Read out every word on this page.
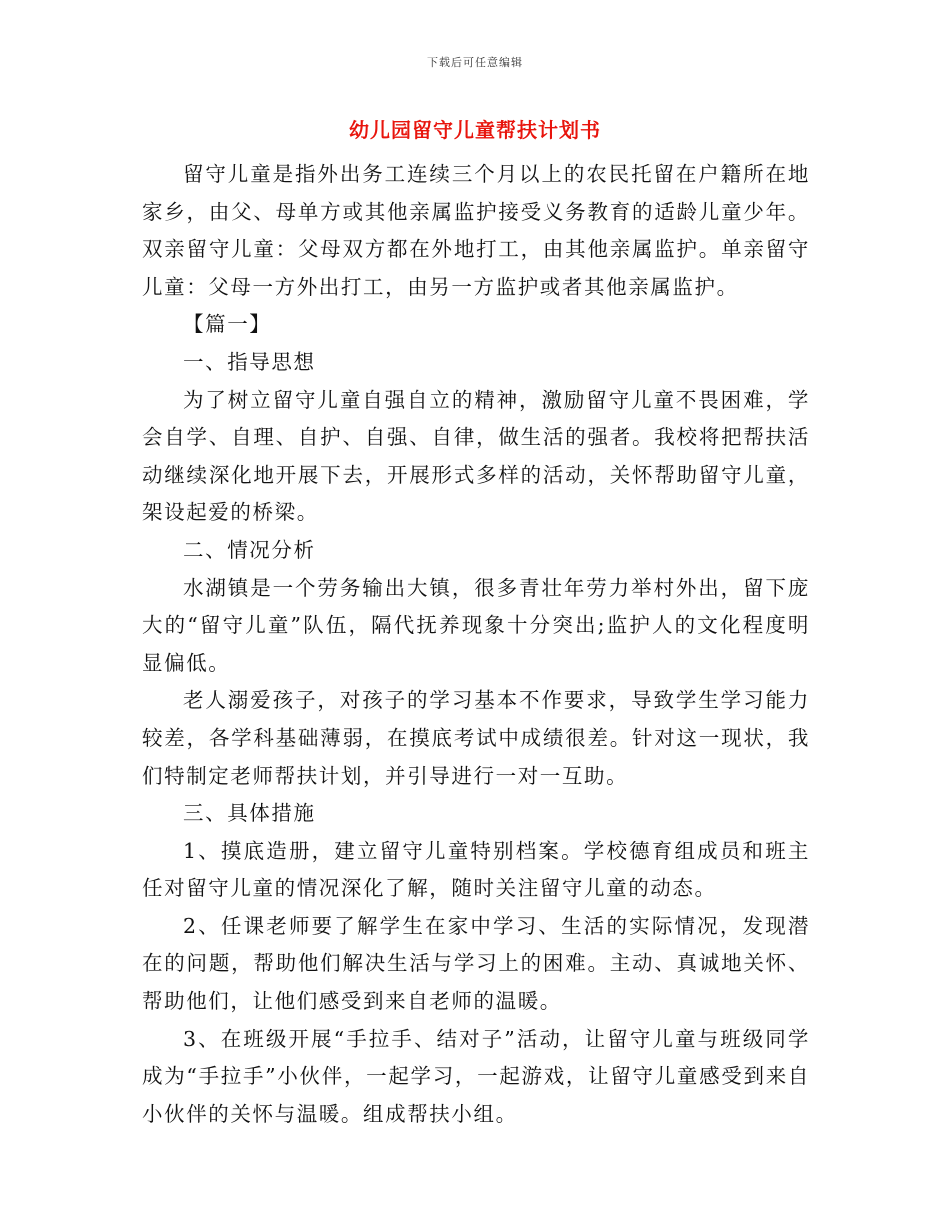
下载后可任意编辑
幼儿园留守儿童帮扶计划书

留守儿童是指外出务工连续三个月以上的农民托留在户籍所在地家乡，由父、母单方或其他亲属监护接受义务教育的适龄儿童少年。双亲留守儿童：父母双方都在外地打工，由其他亲属监护。单亲留守儿童：父母一方外出打工，由另一方监护或者其他亲属监护。

【篇一】

一、指导思想

为了树立留守儿童自强自立的精神，激励留守儿童不畏困难，学会自学、自理、自护、自强、自律，做生活的强者。我校将把帮扶活动继续深化地开展下去，开展形式多样的活动，关怀帮助留守儿童，架设起爱的桥梁。

二、情况分析

水湖镇是一个劳务输出大镇，很多青壮年劳力举村外出，留下庞大的“留守儿童”队伍，隔代抚养现象十分突出;监护人的文化程度明显偏低。

老人溺爱孩子，对孩子的学习基本不作要求，导致学生学习能力较差，各学科基础薄弱，在摸底考试中成绩很差。针对这一现状，我们特制定老师帮扶计划，并引导进行一对一互助。

三、具体措施

1、摸底造册，建立留守儿童特别档案。学校德育组成员和班主任对留守儿童的情况深化了解，随时关注留守儿童的动态。

2、任课老师要了解学生在家中学习、生活的实际情况，发现潜在的问题，帮助他们解决生活与学习上的困难。主动、真诚地关怀、帮助他们，让他们感受到来自老师的温暖。

3、在班级开展“手拉手、结对子”活动，让留守儿童与班级同学成为“手拉手”小伙伴，一起学习，一起游戏，让留守儿童感受到来自小伙伴的关怀与温暖。组成帮扶小组。
